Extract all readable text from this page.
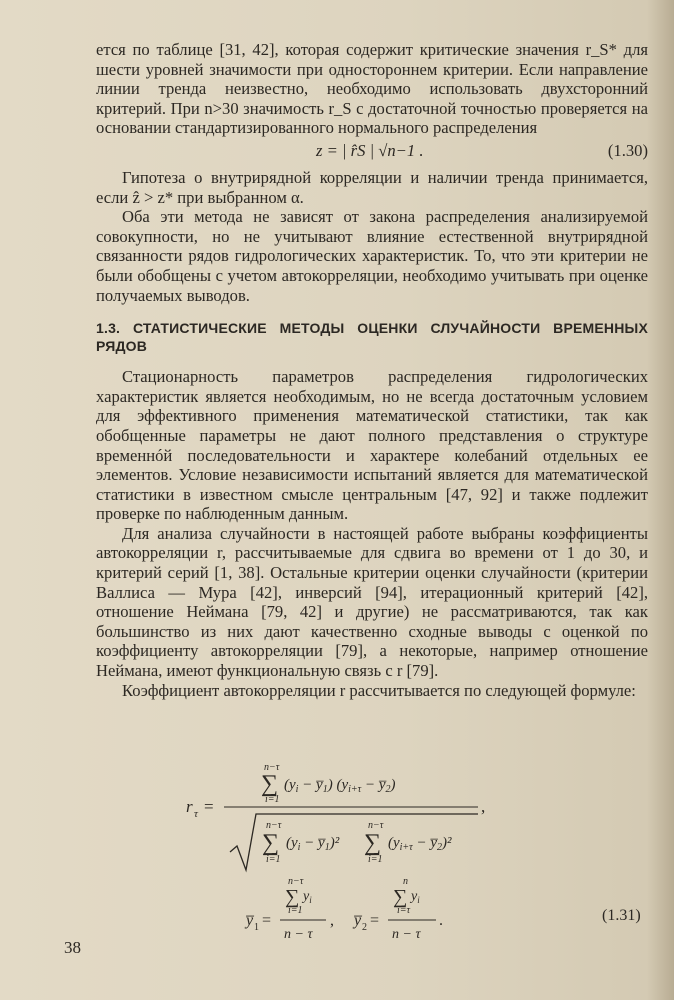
ется по таблице [31, 42], которая содержит критические значения r_S* для шести уровней значимости при одностороннем критерии. Если направление линии тренда неизвестно, необходимо использовать двухсторонний критерий. При n>30 значимость r_S с достаточной точностью проверяется на основании стандартизированного нормального распределения

z = | r̂S | √n−1 .	(1.30)

Гипотеза о внутрирядной корреляции и наличии тренда принимается, если ẑ > z* при выбранном α.

Оба эти метода не зависят от закона распределения анализируемой совокупности, но не учитывают влияние естественной внутрирядной связанности рядов гидрологических характеристик. То, что эти критерии не были обобщены с учетом автокорреляции, необходимо учитывать при оценке получаемых выводов.

1.3. СТАТИСТИЧЕСКИЕ МЕТОДЫ ОЦЕНКИ СЛУЧАЙНОСТИ ВРЕМЕННЫХ РЯДОВ

Стационарность параметров распределения гидрологических характеристик является необходимым, но не всегда достаточным условием для эффективного применения математической статистики, так как обобщенные параметры не дают полного представления о структуре временнóй последовательности и характере колебаний отдельных ее элементов. Условие независимости испытаний является для математической статистики в известном смысле центральным [47, 92] и также подлежит проверке по наблюденным данным.

Для анализа случайности в настоящей работе выбраны коэффициенты автокорреляции r, рассчитываемые для сдвига во времени от 1 до 30, и критерий серий [1, 38]. Остальные критерии оценки случайности (критерии Валлиса — Мура [42], инверсий [94], итерационный критерий [42], отношение Неймана [79, 42] и другие) не рассматриваются, так как большинство из них дают качественно сходные выводы с оценкой по коэффициенту автокорреляции [79], а некоторые, например отношение Неймана, имеют функциональную связь с r [79].

Коэффициент автокорреляции r рассчитывается по следующей формуле:

r τ =	,
n−τ
∑
i=1
($y_i$ − $y̅_1$) ($y_{i+\tau}$ − $y̅_2$)
n−τ
∑
i=1
($y_i$ − $y̅_1)^2$
n−τ
∑
i=1
($y_{i+\tau}$ − $y̅_2)^2$
y̅ 1 =
n−τ
∑ $y_i$
i=1
n − τ
, y̅ 2 =
n
∑ $y_i$
i=τ
n − τ
.	(1.31)
38
